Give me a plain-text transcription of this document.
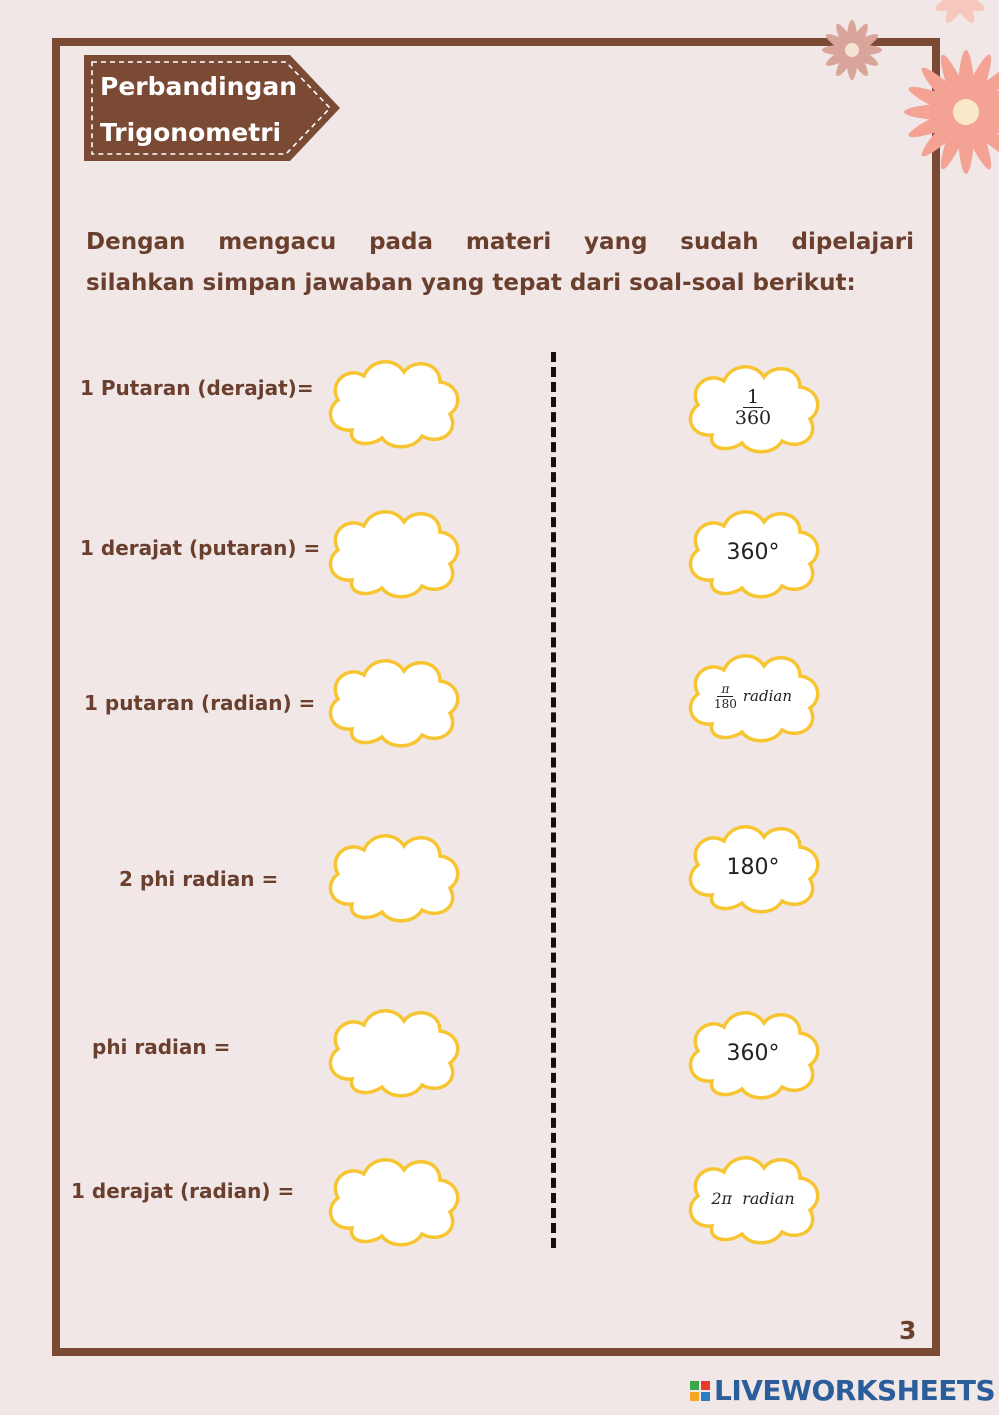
Perbandingan
Trigonometri
Dengan mengacu pada materi yang sudah dipelajari
silahkan simpan jawaban yang tepat dari soal-soal berikut:
1 Putaran (derajat)=
1 derajat (putaran) =
1 putaran (radian) =
2 phi radian =
phi radian =
1 derajat (radian) =
$\frac{1}{360}$
360°
$\frac{\pi}{180}$ radian
180°
360°
2π  radian
3
LIVEWORKSHEETS
